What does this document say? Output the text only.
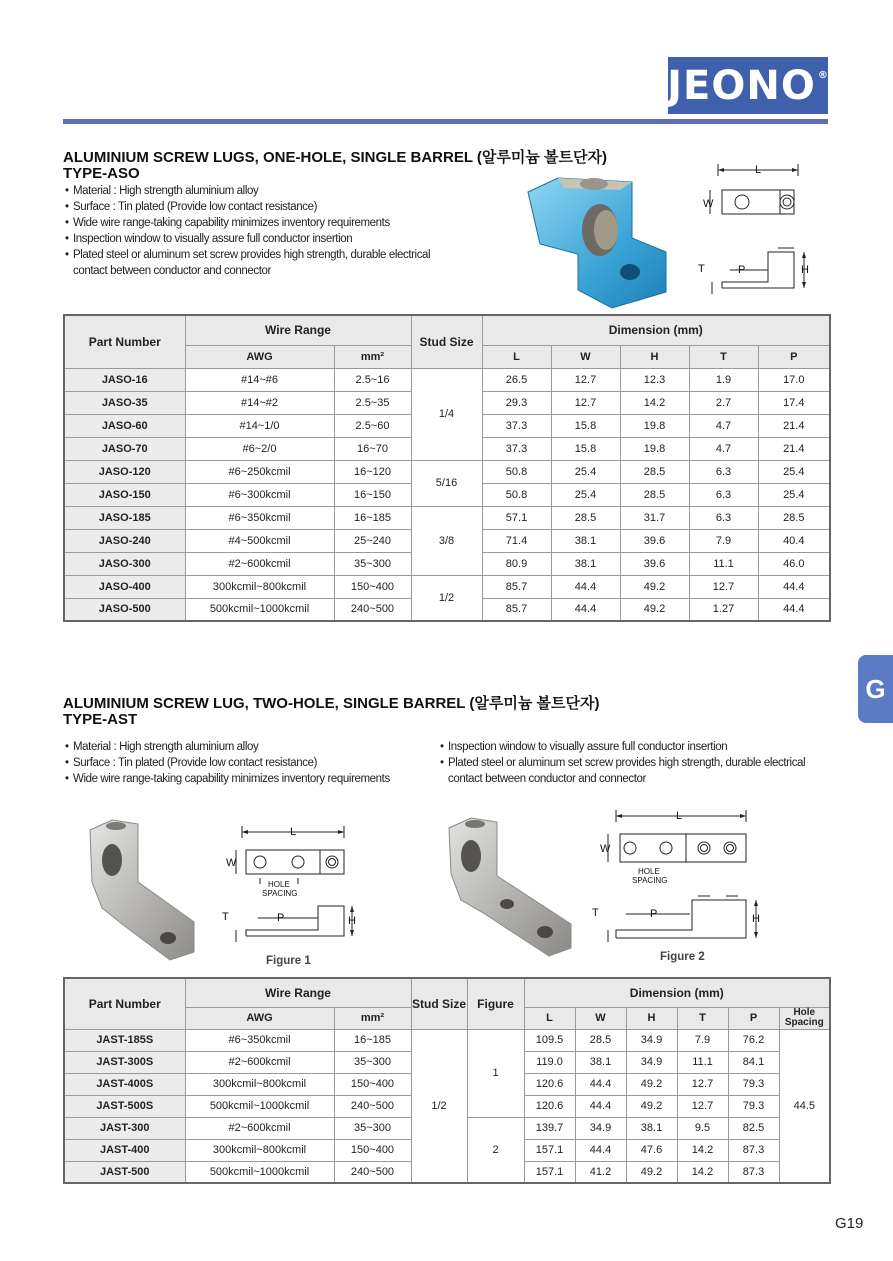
JEONO®
ALUMINIUM SCREW LUGS, ONE-HOLE, SINGLE BARREL (알루미늄 볼트단자)
TYPE-ASO
• Material : High strength aluminium alloy
• Surface : Tin plated (Provide low contact resistance)
• Wide wire range-taking capability minimizes inventory requirements
• Inspection window to visually assure full conductor insertion
• Plated steel or aluminum set screw provides high strength, durable electrical contact between conductor and connector
L
W
T	P	H
Part Number	Wire Range		Stud Size	Dimension (mm)				
	AWG	mm²		L	W	H	T	P
JASO-16	#14~#6	2.5~16	1/4	26.5	12.7	12.3	1.9	17.0
JASO-35	#14~#2	2.5~35		29.3	12.7	14.2	2.7	17.4
JASO-60	#14~1/0	2.5~60		37.3	15.8	19.8	4.7	21.4
JASO-70	#6~2/0	16~70		37.3	15.8	19.8	4.7	21.4
JASO-120	#6~250kcmil	16~120	5/16	50.8	25.4	28.5	6.3	25.4
JASO-150	#6~300kcmil	16~150		50.8	25.4	28.5	6.3	25.4
JASO-185	#6~350kcmil	16~185	3/8	57.1	28.5	31.7	6.3	28.5
JASO-240	#4~500kcmil	25~240		71.4	38.1	39.6	7.9	40.4
JASO-300	#2~600kcmil	35~300		80.9	38.1	39.6	11.1	46.0
JASO-400	300kcmil~800kcmil	150~400	1/2	85.7	44.4	49.2	12.7	44.4
JASO-500	500kcmil~1000kcmil	240~500		85.7	44.4	49.2	1.27	44.4
G
ALUMINIUM SCREW LUG, TWO-HOLE, SINGLE BARREL (알루미늄 볼트단자)
TYPE-AST
• Material : High strength aluminium alloy
• Surface : Tin plated (Provide low contact resistance)
• Wide wire range-taking capability minimizes inventory requirements
• Inspection window to visually assure full conductor insertion
• Plated steel or aluminum set screw provides high strength, durable electrical contact between conductor and connector
L
W
HOLE
SPACING
T	P	H
Figure 1
L
W
HOLE
SPACING
T	P	H
Figure 2
Part Number	Wire Range		Stud Size	Figure	Dimension (mm)					
	AWG	mm²			L	W	H	T	P	Hole Spacing
JAST-185S	#6~350kcmil	16~185	1/2	1	109.5	28.5	34.9	7.9	76.2	44.5
JAST-300S	#2~600kcmil	35~300			119.0	38.1	34.9	11.1	84.1	
JAST-400S	300kcmil~800kcmil	150~400			120.6	44.4	49.2	12.7	79.3	
JAST-500S	500kcmil~1000kcmil	240~500			120.6	44.4	49.2	12.7	79.3	
JAST-300	#2~600kcmil	35~300		2	139.7	34.9	38.1	9.5	82.5	
JAST-400	300kcmil~800kcmil	150~400			157.1	44.4	47.6	14.2	87.3	
JAST-500	500kcmil~1000kcmil	240~500			157.1	41.2	49.2	14.2	87.3	
G19
